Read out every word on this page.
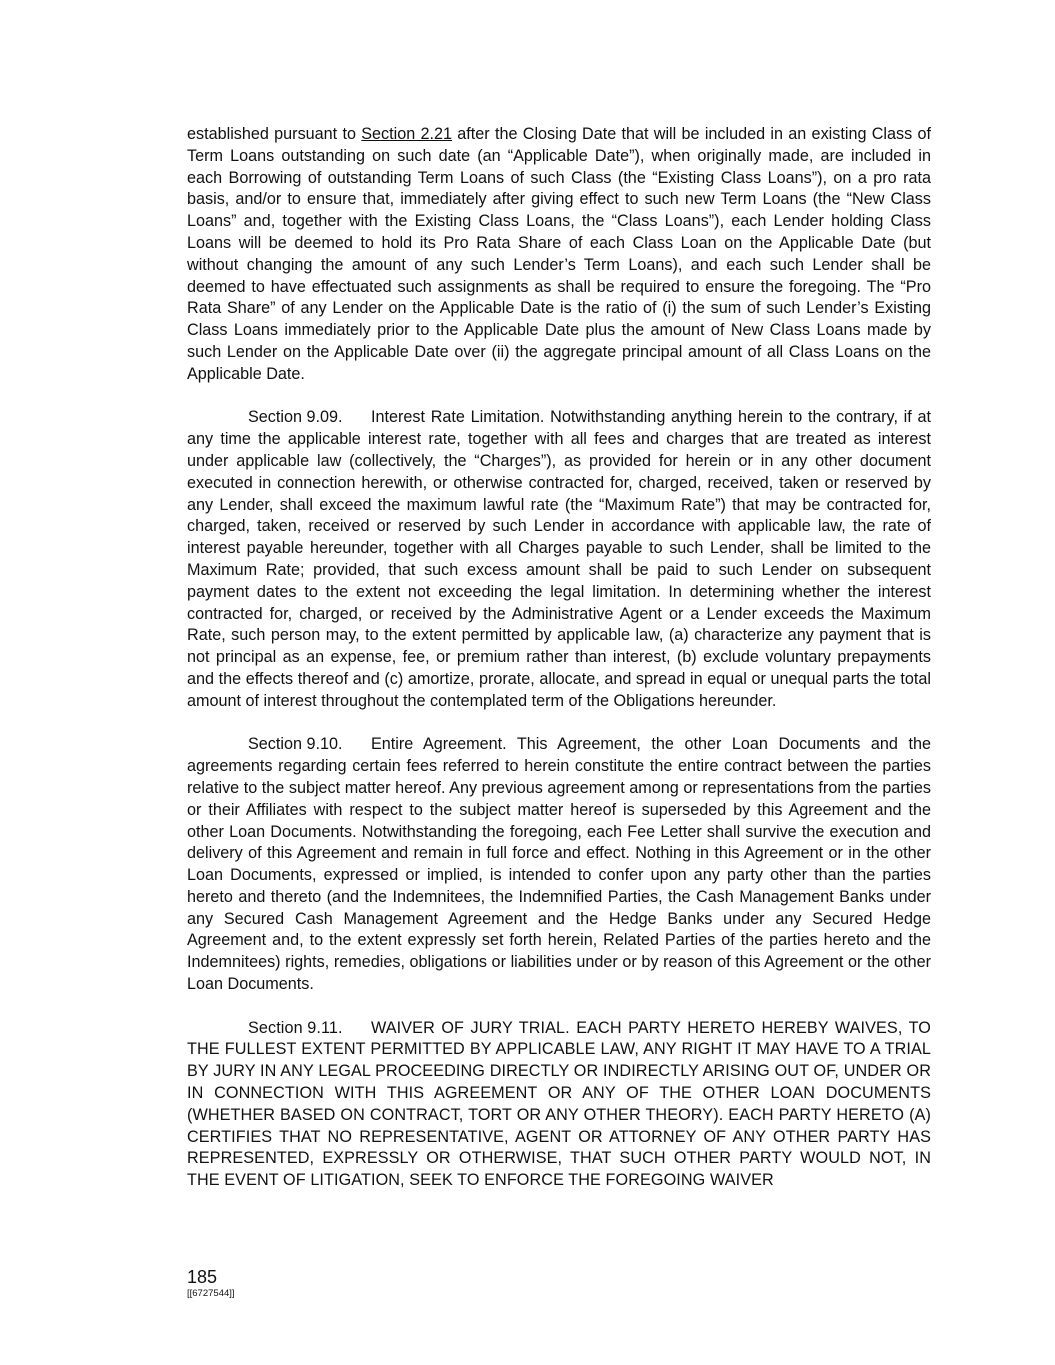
established pursuant to Section 2.21 after the Closing Date that will be included in an existing Class of Term Loans outstanding on such date (an “Applicable Date”), when originally made, are included in each Borrowing of outstanding Term Loans of such Class (the “Existing Class Loans”), on a pro rata basis, and/or to ensure that, immediately after giving effect to such new Term Loans (the “New Class Loans” and, together with the Existing Class Loans, the “Class Loans”), each Lender holding Class Loans will be deemed to hold its Pro Rata Share of each Class Loan on the Applicable Date (but without changing the amount of any such Lender’s Term Loans), and each such Lender shall be deemed to have effectuated such assignments as shall be required to ensure the foregoing. The “Pro Rata Share” of any Lender on the Applicable Date is the ratio of (i) the sum of such Lender’s Existing Class Loans immediately prior to the Applicable Date plus the amount of New Class Loans made by such Lender on the Applicable Date over (ii) the aggregate principal amount of all Class Loans on the Applicable Date.

Section 9.09. Interest Rate Limitation. Notwithstanding anything herein to the contrary, if at any time the applicable interest rate, together with all fees and charges that are treated as interest under applicable law (collectively, the “Charges”), as provided for herein or in any other document executed in connection herewith, or otherwise contracted for, charged, received, taken or reserved by any Lender, shall exceed the maximum lawful rate (the “Maximum Rate”) that may be contracted for, charged, taken, received or reserved by such Lender in accordance with applicable law, the rate of interest payable hereunder, together with all Charges payable to such Lender, shall be limited to the Maximum Rate; provided, that such excess amount shall be paid to such Lender on subsequent payment dates to the extent not exceeding the legal limitation. In determining whether the interest contracted for, charged, or received by the Administrative Agent or a Lender exceeds the Maximum Rate, such person may, to the extent permitted by applicable law, (a) characterize any payment that is not principal as an expense, fee, or premium rather than interest, (b) exclude voluntary prepayments and the effects thereof and (c) amortize, prorate, allocate, and spread in equal or unequal parts the total amount of interest throughout the contemplated term of the Obligations hereunder.

Section 9.10. Entire Agreement. This Agreement, the other Loan Documents and the agreements regarding certain fees referred to herein constitute the entire contract between the parties relative to the subject matter hereof. Any previous agreement among or representations from the parties or their Affiliates with respect to the subject matter hereof is superseded by this Agreement and the other Loan Documents. Notwithstanding the foregoing, each Fee Letter shall survive the execution and delivery of this Agreement and remain in full force and effect. Nothing in this Agreement or in the other Loan Documents, expressed or implied, is intended to confer upon any party other than the parties hereto and thereto (and the Indemnitees, the Indemnified Parties, the Cash Management Banks under any Secured Cash Management Agreement and the Hedge Banks under any Secured Hedge Agreement and, to the extent expressly set forth herein, Related Parties of the parties hereto and the Indemnitees) rights, remedies, obligations or liabilities under or by reason of this Agreement or the other Loan Documents.

Section 9.11. WAIVER OF JURY TRIAL. EACH PARTY HERETO HEREBY WAIVES, TO THE FULLEST EXTENT PERMITTED BY APPLICABLE LAW, ANY RIGHT IT MAY HAVE TO A TRIAL BY JURY IN ANY LEGAL PROCEEDING DIRECTLY OR INDIRECTLY ARISING OUT OF, UNDER OR IN CONNECTION WITH THIS AGREEMENT OR ANY OF THE OTHER LOAN DOCUMENTS (WHETHER BASED ON CONTRACT, TORT OR ANY OTHER THEORY). EACH PARTY HERETO (A) CERTIFIES THAT NO REPRESENTATIVE, AGENT OR ATTORNEY OF ANY OTHER PARTY HAS REPRESENTED, EXPRESSLY OR OTHERWISE, THAT SUCH OTHER PARTY WOULD NOT, IN THE EVENT OF LITIGATION, SEEK TO ENFORCE THE FOREGOING WAIVER

185
[[6727544]]
